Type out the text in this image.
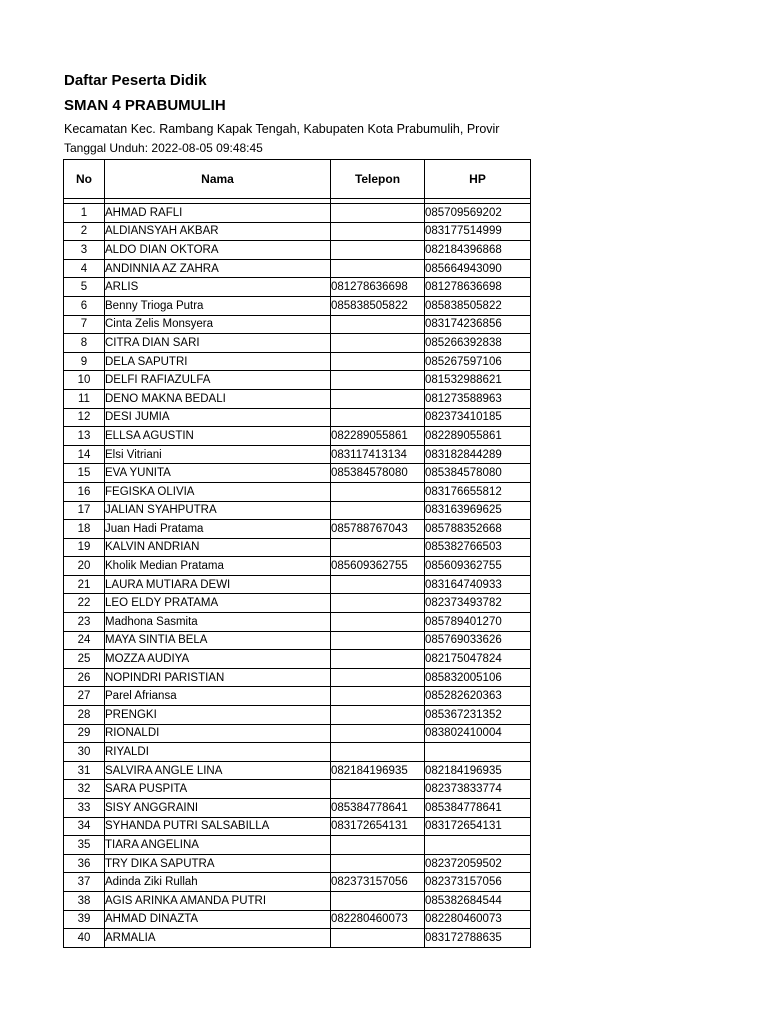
Daftar Peserta Didik
SMAN 4 PRABUMULIH
Kecamatan Kec. Rambang Kapak Tengah, Kabupaten Kota Prabumulih, Provir
Tanggal Unduh: 2022-08-05 09:48:45
No	Nama	Telepon	HP

1	AHMAD RAFLI		085709569202
2	ALDIANSYAH AKBAR		083177514999
3	ALDO DIAN OKTORA		082184396868
4	ANDINNIA AZ ZAHRA		085664943090
5	ARLIS	081278636698	081278636698
6	Benny Trioga Putra	085838505822	085838505822
7	Cinta Zelis Monsyera		083174236856
8	CITRA DIAN SARI		085266392838
9	DELA SAPUTRI		085267597106
10	DELFI RAFIAZULFA		081532988621
11	DENO MAKNA BEDALI		081273588963
12	DESI JUMIA		082373410185
13	ELLSA AGUSTIN	082289055861	082289055861
14	Elsi Vitriani	083117413134	083182844289
15	EVA YUNITA	085384578080	085384578080
16	FEGISKA OLIVIA		083176655812
17	JALIAN SYAHPUTRA		083163969625
18	Juan Hadi Pratama	085788767043	085788352668
19	KALVIN ANDRIAN		085382766503
20	Kholik Median Pratama	085609362755	085609362755
21	LAURA MUTIARA DEWI		083164740933
22	LEO ELDY PRATAMA		082373493782
23	Madhona Sasmita		085789401270
24	MAYA SINTIA BELA		085769033626
25	MOZZA AUDIYA		082175047824
26	NOPINDRI PARISTIAN		085832005106
27	Parel Afriansa		085282620363
28	PRENGKI		085367231352
29	RIONALDI		083802410004
30	RIYALDI		
31	SALVIRA ANGLE LINA	082184196935	082184196935
32	SARA PUSPITA		082373833774
33	SISY ANGGRAINI	085384778641	085384778641
34	SYHANDA PUTRI SALSABILLA	083172654131	083172654131
35	TIARA ANGELINA		
36	TRY DIKA SAPUTRA		082372059502
37	Adinda Ziki Rullah	082373157056	082373157056
38	AGIS ARINKA AMANDA PUTRI		085382684544
39	AHMAD DINAZTA	082280460073	082280460073
40	ARMALIA		083172788635
